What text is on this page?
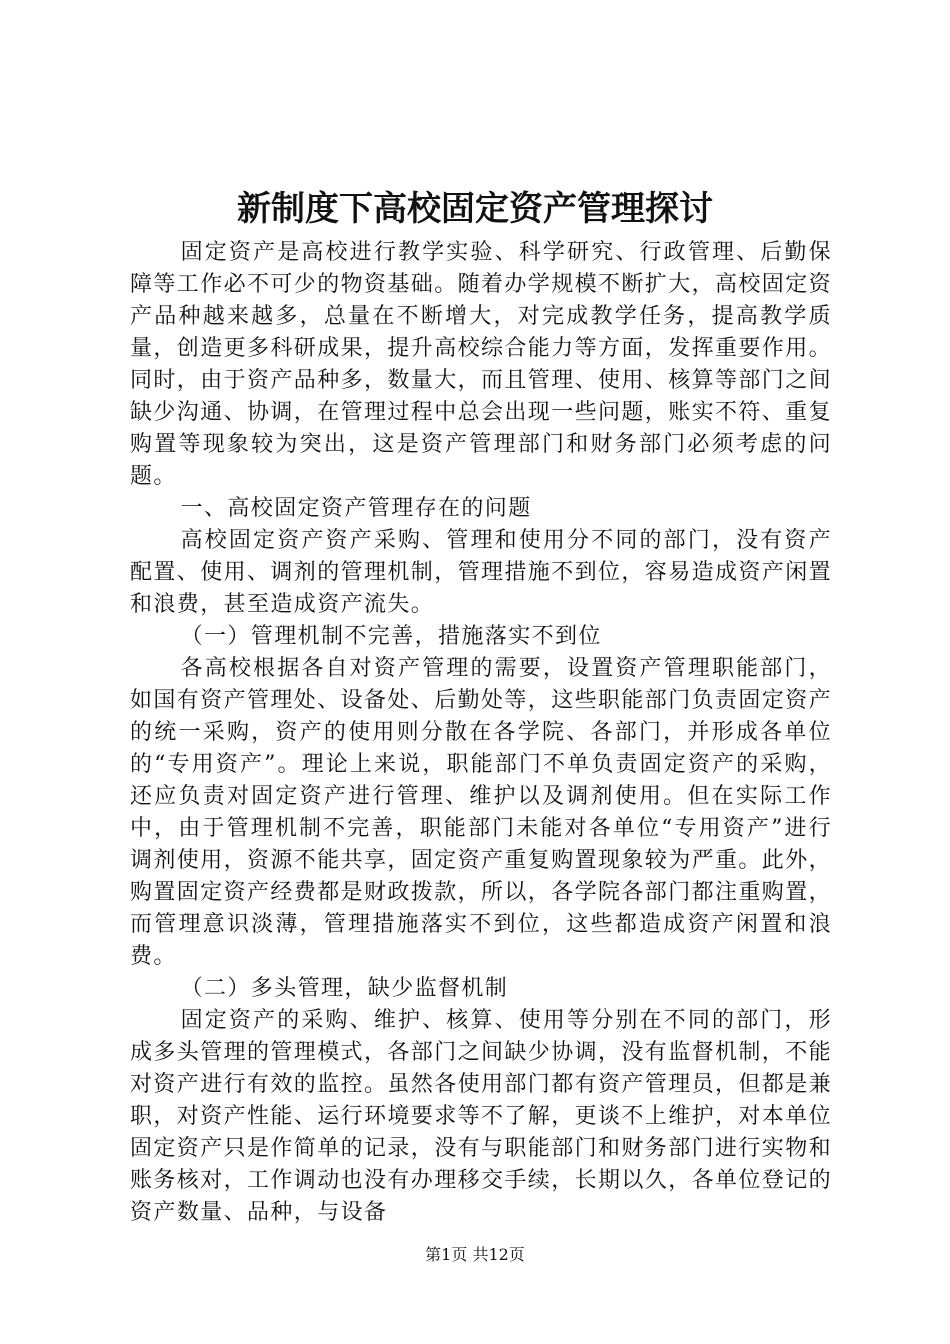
新制度下高校固定资产管理探讨

固定资产是高校进行教学实验、科学研究、行政管理、后勤保障等工作必不可少的物资基础。随着办学规模不断扩大，高校固定资产品种越来越多，总量在不断增大，对完成教学任务，提高教学质量，创造更多科研成果，提升高校综合能力等方面，发挥重要作用。同时，由于资产品种多，数量大，而且管理、使用、核算等部门之间缺少沟通、协调，在管理过程中总会出现一些问题，账实不符、重复购置等现象较为突出，这是资产管理部门和财务部门必须考虑的问题。

一、高校固定资产管理存在的问题

高校固定资产资产采购、管理和使用分不同的部门，没有资产配置、使用、调剂的管理机制，管理措施不到位，容易造成资产闲置和浪费，甚至造成资产流失。

（一）管理机制不完善，措施落实不到位

各高校根据各自对资产管理的需要，设置资产管理职能部门，如国有资产管理处、设备处、后勤处等，这些职能部门负责固定资产的统一采购，资产的使用则分散在各学院、各部门，并形成各单位的“专用资产”。理论上来说，职能部门不单负责固定资产的采购，还应负责对固定资产进行管理、维护以及调剂使用。但在实际工作中，由于管理机制不完善，职能部门未能对各单位“专用资产”进行调剂使用，资源不能共享，固定资产重复购置现象较为严重。此外，购置固定资产经费都是财政拨款，所以，各学院各部门都注重购置，而管理意识淡薄，管理措施落实不到位，这些都造成资产闲置和浪费。

（二）多头管理，缺少监督机制

固定资产的采购、维护、核算、使用等分别在不同的部门，形成多头管理的管理模式，各部门之间缺少协调，没有监督机制，不能对资产进行有效的监控。虽然各使用部门都有资产管理员，但都是兼职，对资产性能、运行环境要求等不了解，更谈不上维护，对本单位固定资产只是作简单的记录，没有与职能部门和财务部门进行实物和账务核对，工作调动也没有办理移交手续，长期以久，各单位登记的资产数量、品种，与设备

第1页 共12页
